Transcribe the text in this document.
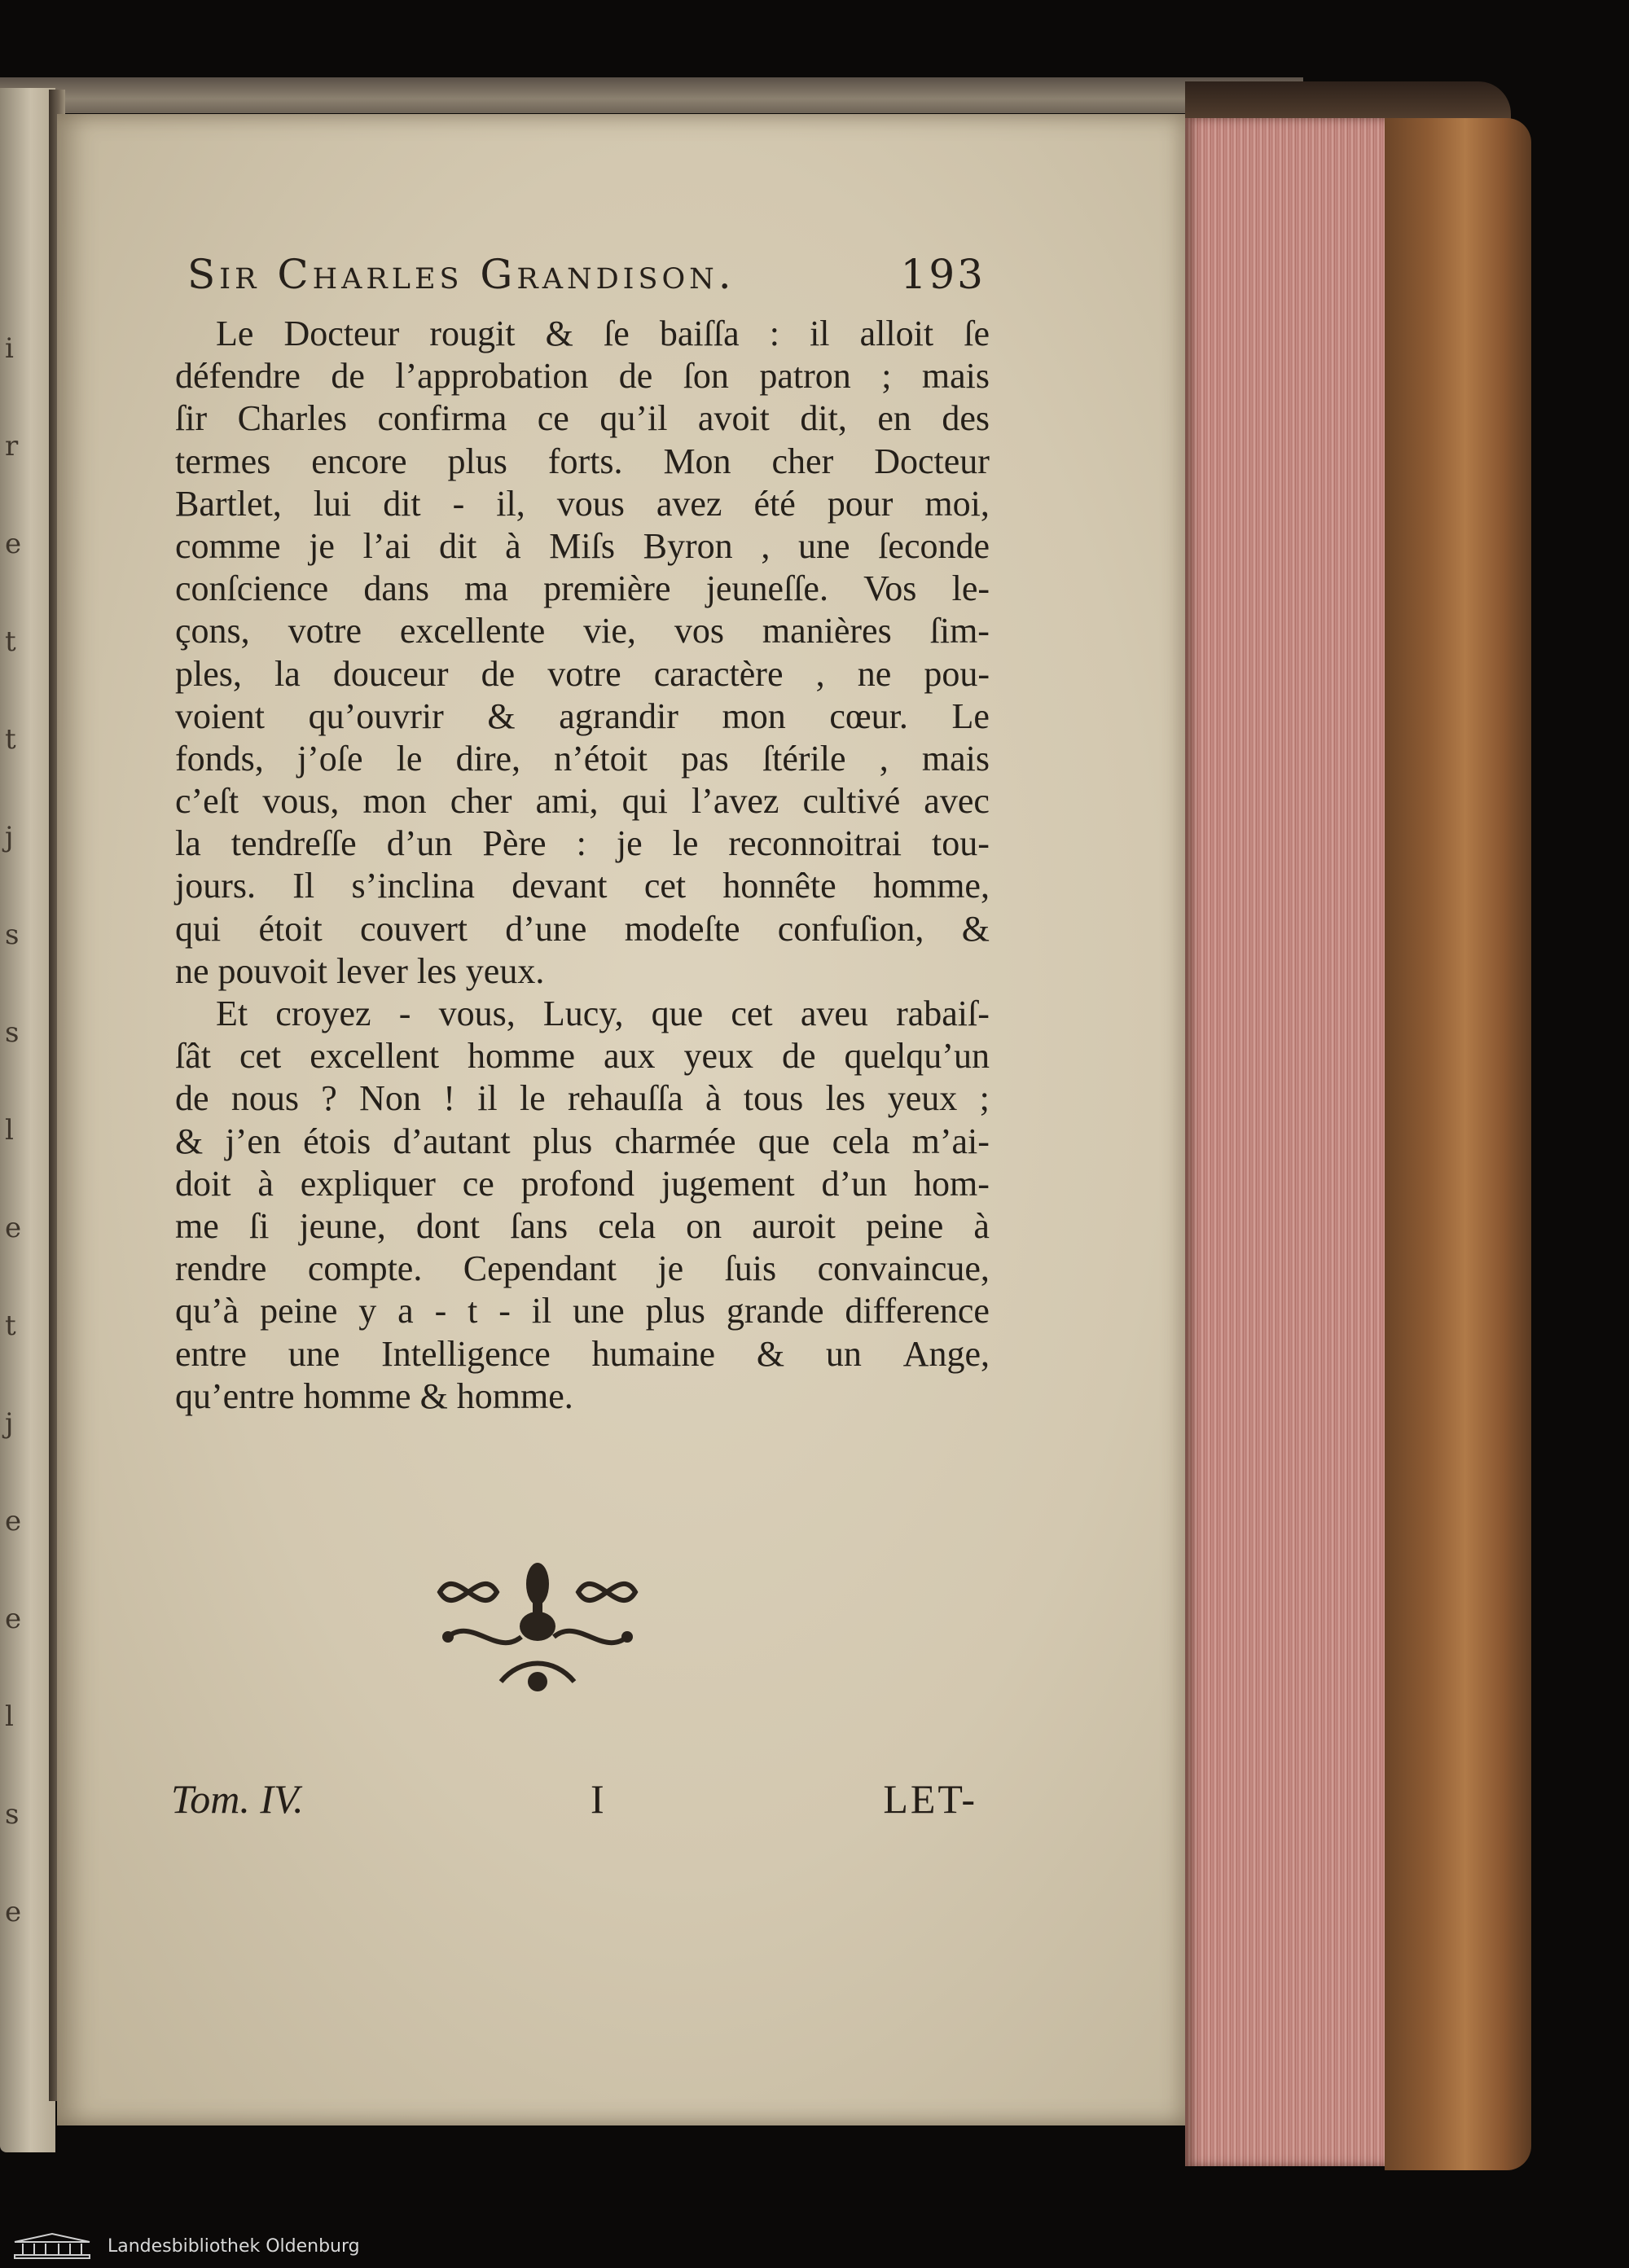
i
r
e
t
t
j
s
s
l
e
t
j
e
e
l
s
e
Sir Charles Grandison.	193
Le Docteur rougit & ſe baiſſa : il alloit ſe
défendre de l’approbation de ſon patron ; mais
ſir Charles confirma ce qu’il avoit dit, en des
termes encore plus forts. Mon cher Docteur
Bartlet, lui dit - il, vous avez été pour moi,
comme je l’ai dit à Miſs Byron , une ſeconde
conſcience dans ma première jeuneſſe. Vos le-
çons, votre excellente vie, vos manières ſim-
ples, la douceur de votre caractère , ne pou-
voient qu’ouvrir & agrandir mon cœur. Le
fonds, j’oſe le dire, n’étoit pas ſtérile , mais
c’eſt vous, mon cher ami, qui l’avez cultivé avec
la tendreſſe d’un Père : je le reconnoitrai tou-
jours. Il s’inclina devant cet honnête homme,
qui étoit couvert d’une modeſte confuſion, &
ne pouvoit lever les yeux.
Et croyez - vous, Lucy, que cet aveu rabaiſ-
ſât cet excellent homme aux yeux de quelqu’un
de nous ? Non ! il le rehauſſa à tous les yeux ;
& j’en étois d’autant plus charmée que cela m’ai-
doit à expliquer ce profond jugement d’un hom-
me ſi jeune, dont ſans cela on auroit peine à
rendre compte. Cependant je ſuis convaincue,
qu’à peine y a - t - il une plus grande difference
entre une Intelligence humaine & un Ange,
qu’entre homme & homme.
Tom. IV.	I	LET-
Landesbibliothek Oldenburg
